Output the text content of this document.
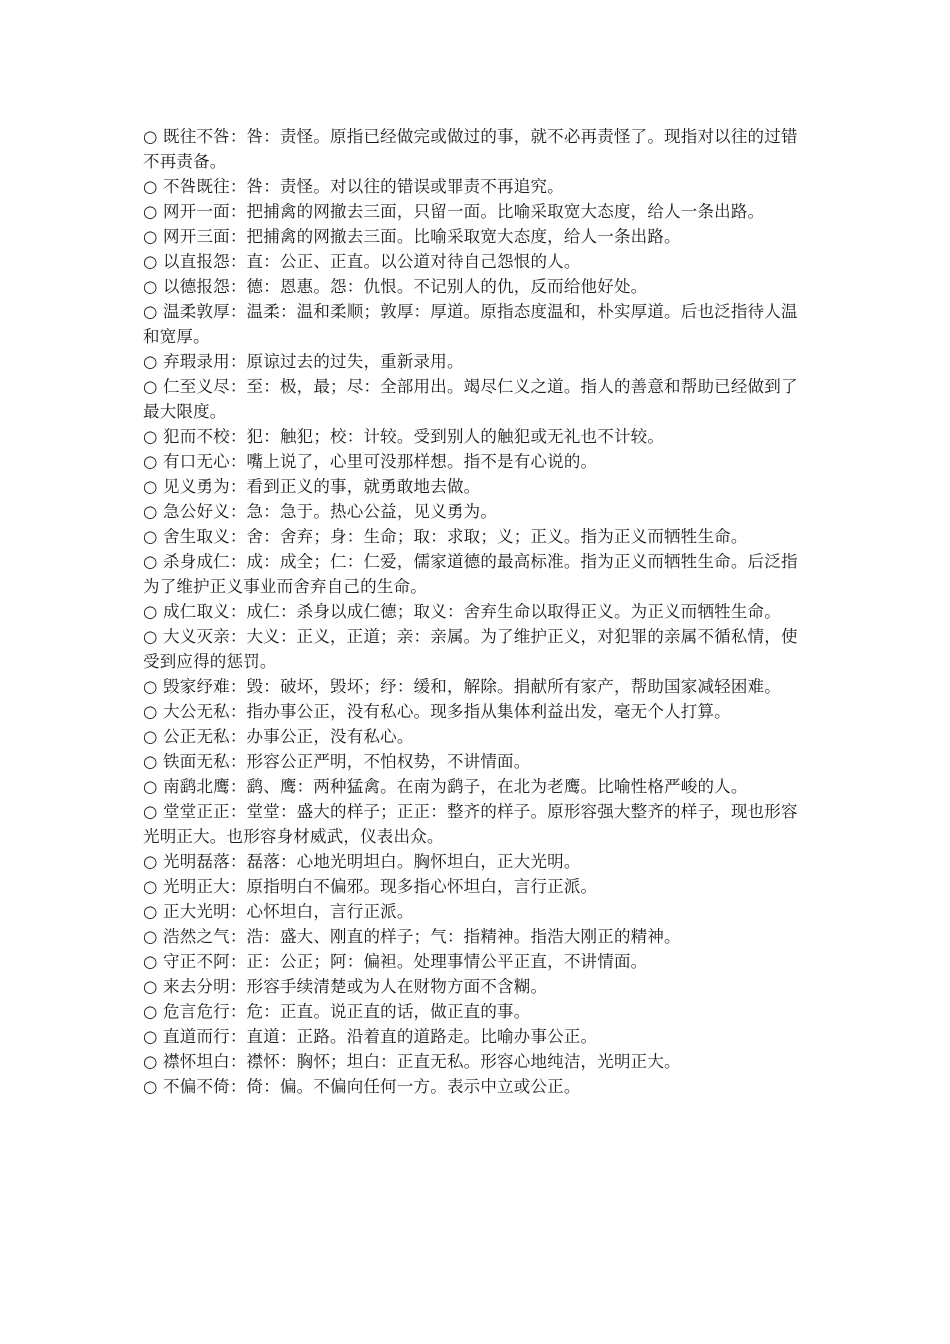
○ 既往不咎：咎：责怪。原指已经做完或做过的事，就不必再责怪了。现指对以往的过错不再责备。

○ 不咎既往：咎：责怪。对以往的错误或罪责不再追究。

○ 网开一面：把捕禽的网撤去三面，只留一面。比喻采取宽大态度，给人一条出路。

○ 网开三面：把捕禽的网撤去三面。比喻采取宽大态度，给人一条出路。

○ 以直报怨：直：公正、正直。以公道对待自己怨恨的人。

○ 以德报怨：德：恩惠。怨：仇恨。不记别人的仇，反而给他好处。

○ 温柔敦厚：温柔：温和柔顺；敦厚：厚道。原指态度温和，朴实厚道。后也泛指待人温和宽厚。

○ 弃瑕录用：原谅过去的过失，重新录用。

○ 仁至义尽：至：极，最；尽：全部用出。竭尽仁义之道。指人的善意和帮助已经做到了最大限度。

○ 犯而不校：犯：触犯；校：计较。受到别人的触犯或无礼也不计较。

○ 有口无心：嘴上说了，心里可没那样想。指不是有心说的。

○ 见义勇为：看到正义的事，就勇敢地去做。

○ 急公好义：急：急于。热心公益，见义勇为。

○ 舍生取义：舍：舍弃；身：生命；取：求取；义；正义。指为正义而牺牲生命。

○ 杀身成仁：成：成全；仁：仁爱，儒家道德的最高标准。指为正义而牺牲生命。后泛指为了维护正义事业而舍弃自己的生命。

○ 成仁取义：成仁：杀身以成仁德；取义：舍弃生命以取得正义。为正义而牺牲生命。

○ 大义灭亲：大义：正义，正道；亲：亲属。为了维护正义，对犯罪的亲属不循私情，使受到应得的惩罚。

○ 毁家纾难：毁：破坏，毁坏；纾：缓和，解除。捐献所有家产，帮助国家减轻困难。

○ 大公无私：指办事公正，没有私心。现多指从集体利益出发，毫无个人打算。

○ 公正无私：办事公正，没有私心。

○ 铁面无私：形容公正严明，不怕权势，不讲情面。

○ 南鹞北鹰：鹞、鹰：两种猛禽。在南为鹞子，在北为老鹰。比喻性格严峻的人。

○ 堂堂正正：堂堂：盛大的样子；正正：整齐的样子。原形容强大整齐的样子，现也形容光明正大。也形容身材威武，仪表出众。

○ 光明磊落：磊落：心地光明坦白。胸怀坦白，正大光明。

○ 光明正大：原指明白不偏邪。现多指心怀坦白，言行正派。

○ 正大光明：心怀坦白，言行正派。

○ 浩然之气：浩：盛大、刚直的样子；气：指精神。指浩大刚正的精神。

○ 守正不阿：正：公正；阿：偏袒。处理事情公平正直，不讲情面。

○ 来去分明：形容手续清楚或为人在财物方面不含糊。

○ 危言危行：危：正直。说正直的话，做正直的事。

○ 直道而行：直道：正路。沿着直的道路走。比喻办事公正。

○ 襟怀坦白：襟怀：胸怀；坦白：正直无私。形容心地纯洁，光明正大。

○ 不偏不倚：倚：偏。不偏向任何一方。表示中立或公正。
